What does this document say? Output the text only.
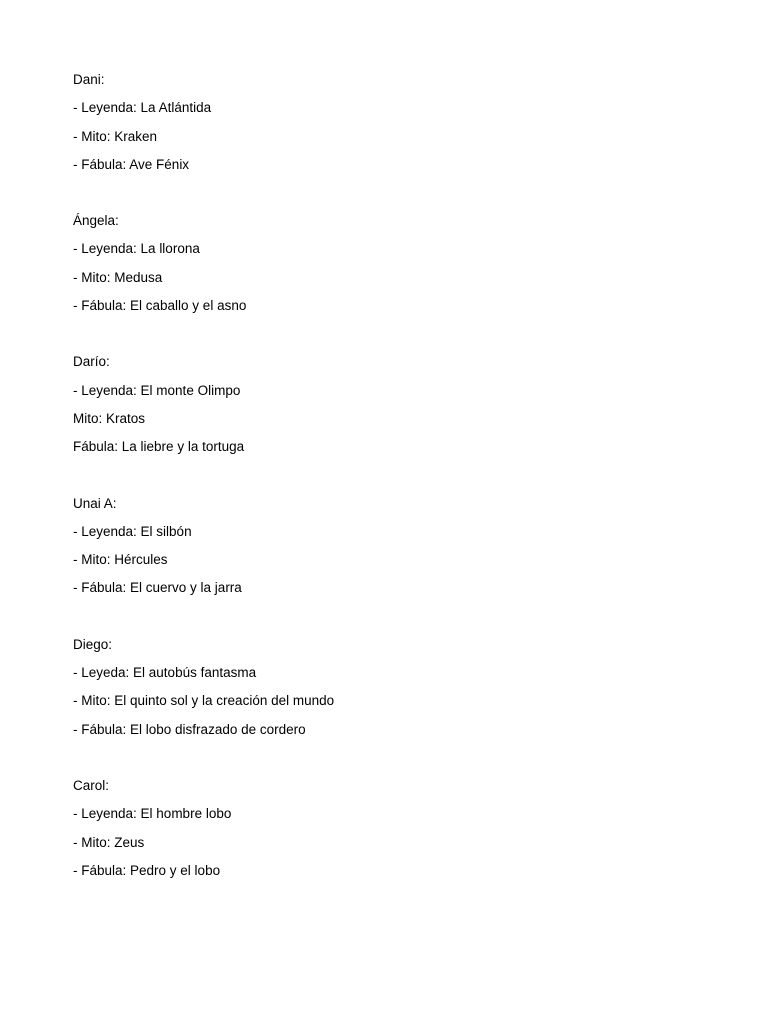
Dani:
- Leyenda: La Atlántida
- Mito: Kraken
- Fábula: Ave Fénix
Ángela:
- Leyenda: La llorona
- Mito: Medusa
- Fábula: El caballo y el asno
Darío:
- Leyenda: El monte Olimpo
Mito: Kratos
Fábula: La liebre y la tortuga
Unai A:
- Leyenda: El silbón
- Mito: Hércules
- Fábula: El cuervo y la jarra
Diego:
- Leyeda: El autobús fantasma
- Mito: El quinto sol y la creación del mundo
- Fábula: El lobo disfrazado de cordero
Carol:
- Leyenda: El hombre lobo
- Mito: Zeus
- Fábula: Pedro y el lobo
